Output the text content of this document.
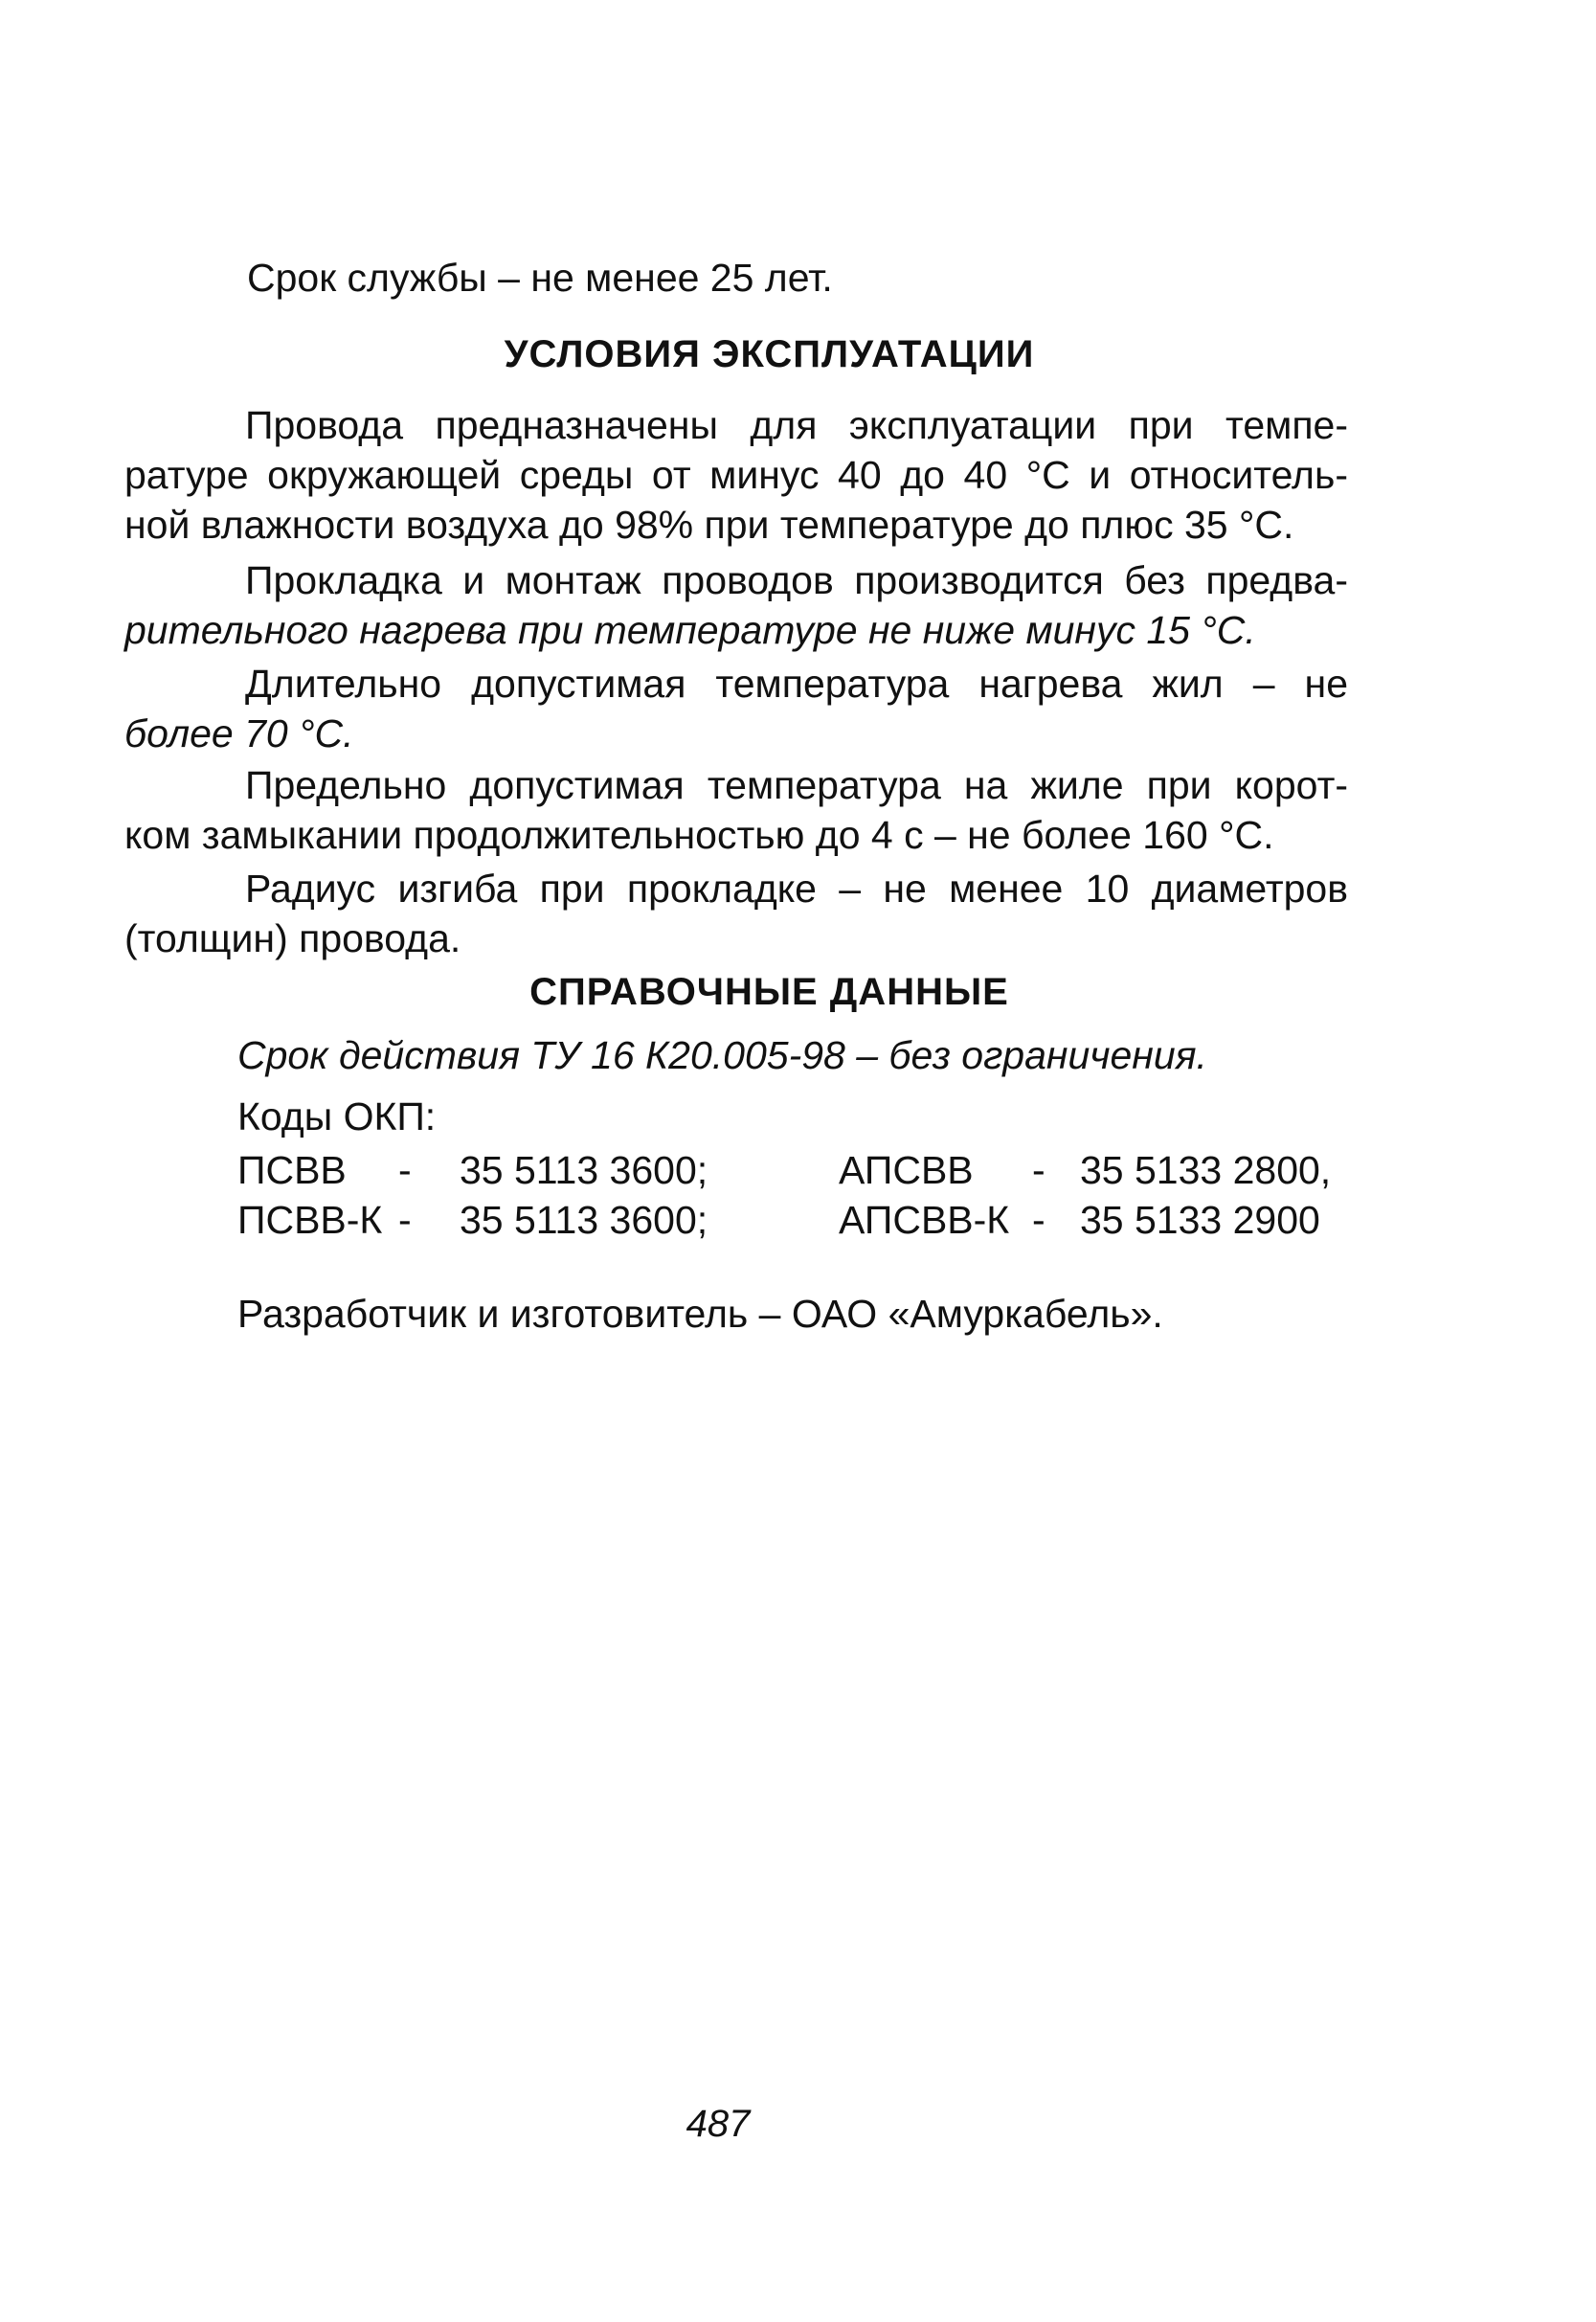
Срок службы – не менее 25 лет.
УСЛОВИЯ ЭКСПЛУАТАЦИИ
Провода предназначены для эксплуатации при темпе-
ратуре окружающей среды от минус 40 до 40 °С и относитель-
ной влажности воздуха до 98% при температуре до плюс 35 °С.
Прокладка и монтаж проводов производится без предва-
рительного нагрева при температуре не ниже минус 15 °С.
Длительно допустимая температура нагрева жил – не
более 70 °С.
Предельно допустимая температура на жиле при корот-
ком замыкании продолжительностью до 4 с – не более 160 °С.
Радиус изгиба при прокладке – не менее 10 диаметров
(толщин) провода.
СПРАВОЧНЫЕ ДАННЫЕ
Срок действия ТУ 16 К20.005-98 – без ограничения.
Коды ОКП:
ПСВВ - 35 5113 3600;	АПСВВ - 35 5133 2800,
ПСВВ-К - 35 5113 3600;	АПСВВ-К - 35 5133 2900
Разработчик и изготовитель – ОАО «Амуркабель».
487
